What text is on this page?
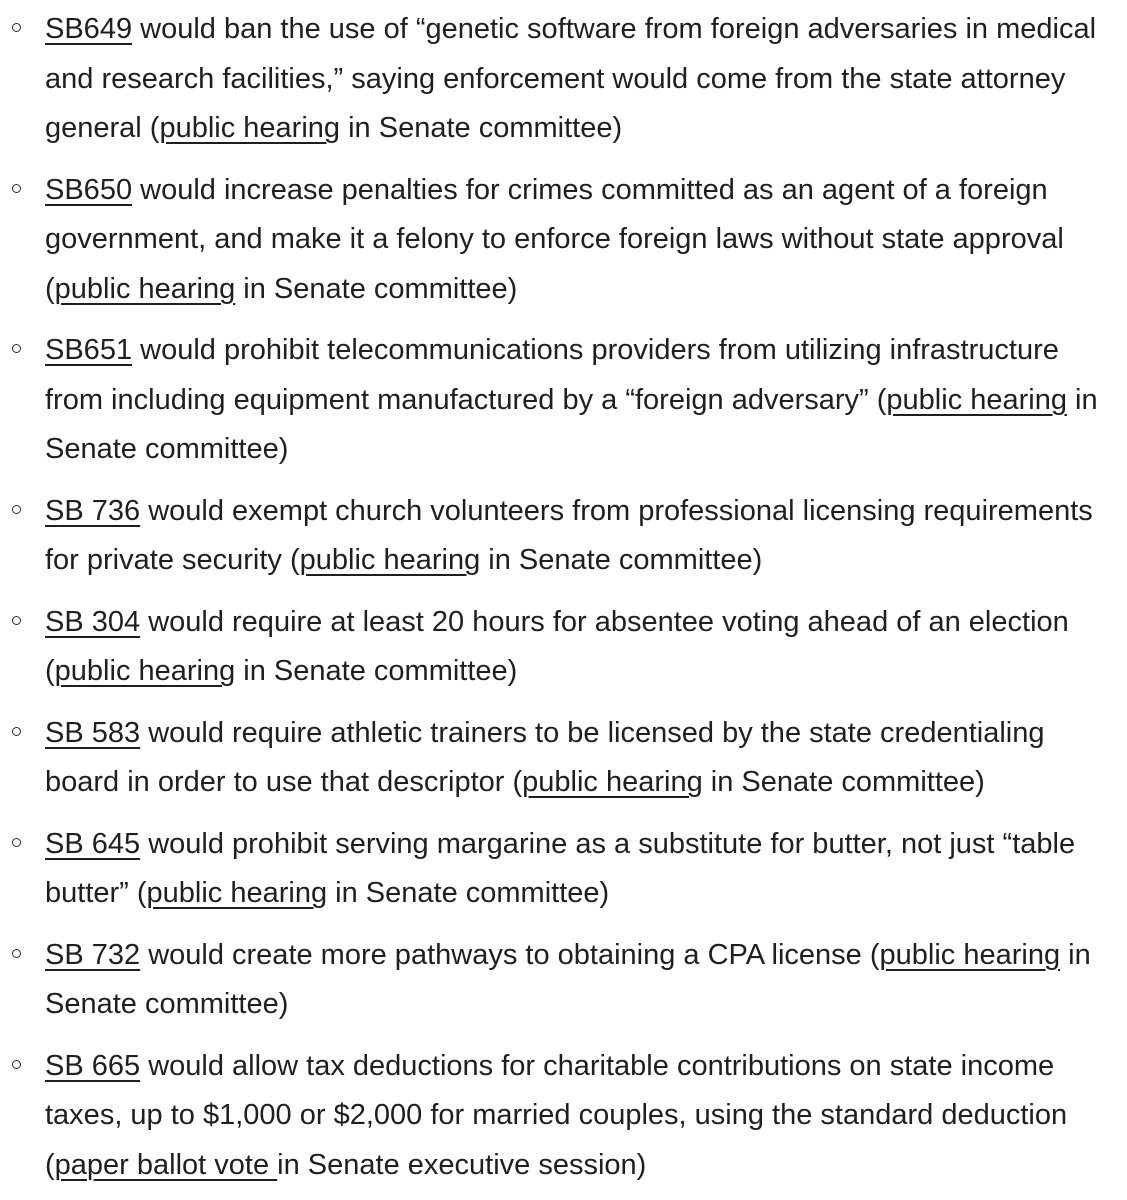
SB649 would ban the use of “genetic software from foreign adversaries in medical and research facilities,” saying enforcement would come from the state attorney general (public hearing in Senate committee)
SB650 would increase penalties for crimes committed as an agent of a foreign government, and make it a felony to enforce foreign laws without state approval (public hearing in Senate committee)
SB651 would prohibit telecommunications providers from utilizing infrastructure from including equipment manufactured by a “foreign adversary” (public hearing in Senate committee)
SB 736 would exempt church volunteers from professional licensing requirements for private security (public hearing in Senate committee)
SB 304 would require at least 20 hours for absentee voting ahead of an election (public hearing in Senate committee)
SB 583 would require athletic trainers to be licensed by the state credentialing board in order to use that descriptor (public hearing in Senate committee)
SB 645 would prohibit serving margarine as a substitute for butter, not just “table butter” (public hearing in Senate committee)
SB 732 would create more pathways to obtaining a CPA license (public hearing in Senate committee)
SB 665 would allow tax deductions for charitable contributions on state income taxes, up to $1,000 or $2,000 for married couples, using the standard deduction (paper ballot vote in Senate executive session)
